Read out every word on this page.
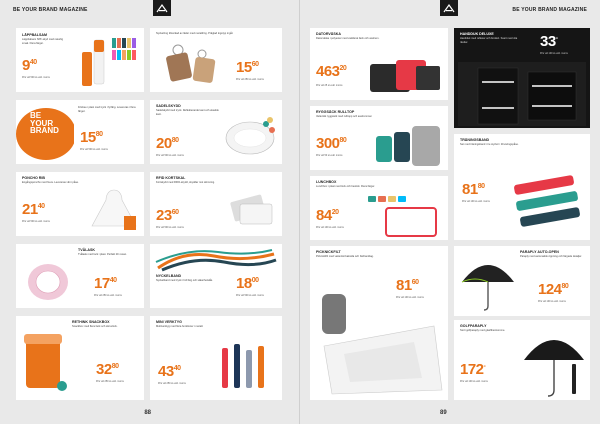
BE YOUR BRAND MAGAZINE
LÄPPBALSAM
Läppbalsam SPF-skyd med naturlig smak. Flera färger.
$9^{40}$
Pris vid 500 st exkl. moms
Nyckelring tillverkad av läder med metallring. Präglad logotyp ingår.
$15^{60}$
Pris vid 250 st exkl. moms
BE
YOUR
BRAND
Frisbee i plast med tryck i fyrfärg. Levereras i flera färger.
$15^{80}$
Pris vid 500 st exkl. moms
SADELSKYDD
Sadelskydd med tryck. Reflekterande kant och elastisk kant.
$20^{80}$
Pris vid 500 st exkl. moms
PONCHO RIB
Engångsponcho med huva. Levereras vikt i påse.
$21^{40}$
Pris vid 500 st exkl. moms
RFID KORTSKAL
Kortskydd med RFID-skydd, skyddar mot skimning.
$23^{60}$
Pris vid 500 st exkl. moms
TVÅLASK
Tvålask med lock i plast. Perfekt för resan.
$17^{40}$
Pris vid 250 st exkl. moms
NYCKELBAND
Nyckelband med tryck i full färg och säkerhetslås.	$18^{00}$
Pris vid 500 st exkl. moms
RETHINK SNACKBOX
Snackbox med flera fack och skruvlock.
$32^{80}$
Pris vid 250 st exkl. moms
MINI VERKTYG
Multiverktyg med flera funktioner i metall.
$43^{40}$
Pris vid 250 st exkl. moms
88
BE YOUR BRAND MAGAZINE
DATORVÄSKA
Datorväska i polyester med vadderat fack och axelrem.
$463^{20}$
Pris vid 25 st exkl. moms
HANDDUK DELUXE
Handduk med reflexer och broderi. Svart med vita ränder.	33-
Pris vid 100 st exkl. moms
RYGGSÄCK RULLTOP
Vattentät ryggsäck med rulltopp och axelremmar.
$300^{80}$
Pris vid 50 st exkl. moms
LUNCHBOX
Lunchbox i plast med lock och bestick. Flera färger.
$84^{20}$
Pris vid 100 st exkl. moms
TRÄNINGSBAND
Set med träningsband i tre styrkor i förvaringspåse.
$81^{80}$
Pris vid 100 st exkl. moms
PICKNICKFILT
Picknickfilt med vattentät baksida och bärhandtag.
$81^{60}$
Pris vid 100 st exkl. moms
PARAPLY AUTO-OPEN
Paraply med automatisk öppning och färgade detaljer.
$124^{80}$
Pris vid 100 st exkl. moms
GOLFPARAPLY
Stort golfparaply med glasfiberstomme.
172-
Pris vid 100 st exkl. moms
89
